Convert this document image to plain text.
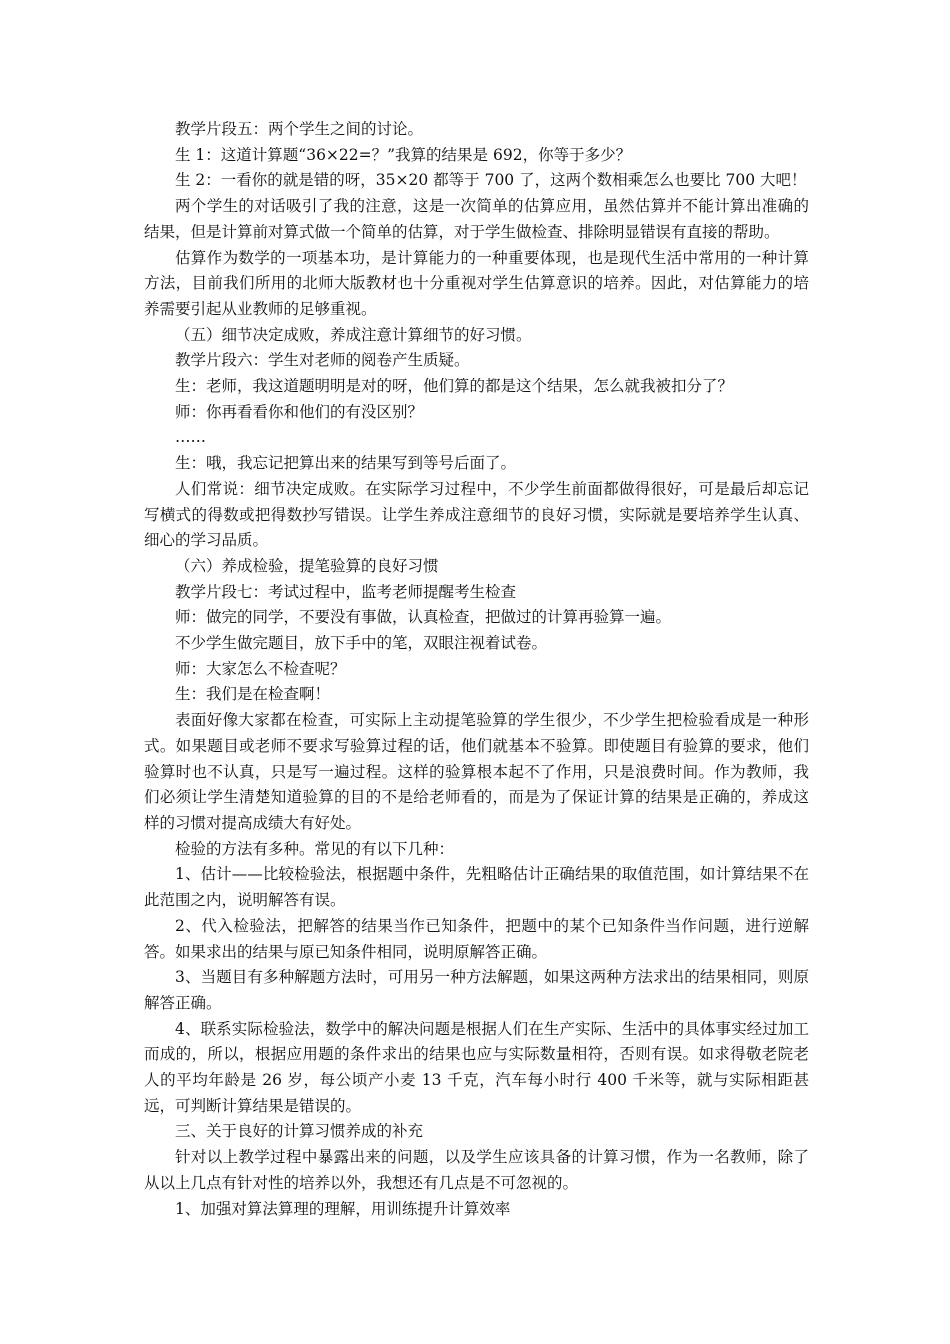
教学片段五：两个学生之间的讨论。

生 1：这道计算题“36×22=？”我算的结果是 692，你等于多少？

生 2：一看你的就是错的呀，35×20 都等于 700 了，这两个数相乘怎么也要比 700 大吧！

两个学生的对话吸引了我的注意，这是一次简单的估算应用，虽然估算并不能计算出准确的结果，但是计算前对算式做一个简单的估算，对于学生做检查、排除明显错误有直接的帮助。

估算作为数学的一项基本功，是计算能力的一种重要体现，也是现代生活中常用的一种计算方法，目前我们所用的北师大版教材也十分重视对学生估算意识的培养。因此，对估算能力的培养需要引起从业教师的足够重视。

（五）细节决定成败，养成注意计算细节的好习惯。

教学片段六：学生对老师的阅卷产生质疑。

生：老师，我这道题明明是对的呀，他们算的都是这个结果，怎么就我被扣分了？

师：你再看看你和他们的有没区别？

……

生：哦，我忘记把算出来的结果写到等号后面了。

人们常说：细节决定成败。在实际学习过程中，不少学生前面都做得很好，可是最后却忘记写横式的得数或把得数抄写错误。让学生养成注意细节的良好习惯，实际就是要培养学生认真、细心的学习品质。

（六）养成检验，提笔验算的良好习惯

教学片段七：考试过程中，监考老师提醒考生检查

师：做完的同学，不要没有事做，认真检查，把做过的计算再验算一遍。

不少学生做完题目，放下手中的笔，双眼注视着试卷。

师：大家怎么不检查呢？

生：我们是在检查啊！

表面好像大家都在检查，可实际上主动提笔验算的学生很少，不少学生把检验看成是一种形式。如果题目或老师不要求写验算过程的话，他们就基本不验算。即使题目有验算的要求，他们验算时也不认真，只是写一遍过程。这样的验算根本起不了作用，只是浪费时间。作为教师，我们必须让学生清楚知道验算的目的不是给老师看的，而是为了保证计算的结果是正确的，养成这样的习惯对提高成绩大有好处。

检验的方法有多种。常见的有以下几种：

1、估计——比较检验法，根据题中条件，先粗略估计正确结果的取值范围，如计算结果不在此范围之内，说明解答有误。

2、代入检验法，把解答的结果当作已知条件，把题中的某个已知条件当作问题，进行逆解答。如果求出的结果与原已知条件相同，说明原解答正确。

3、当题目有多种解题方法时，可用另一种方法解题，如果这两种方法求出的结果相同，则原解答正确。

4、联系实际检验法，数学中的解决问题是根据人们在生产实际、生活中的具体事实经过加工而成的，所以，根据应用题的条件求出的结果也应与实际数量相符，否则有误。如求得敬老院老人的平均年龄是 26 岁，每公顷产小麦 13 千克，汽车每小时行 400 千米等，就与实际相距甚远，可判断计算结果是错误的。

三、关于良好的计算习惯养成的补充

针对以上教学过程中暴露出来的问题，以及学生应该具备的计算习惯，作为一名教师，除了从以上几点有针对性的培养以外，我想还有几点是不可忽视的。

1、加强对算法算理的理解，用训练提升计算效率
